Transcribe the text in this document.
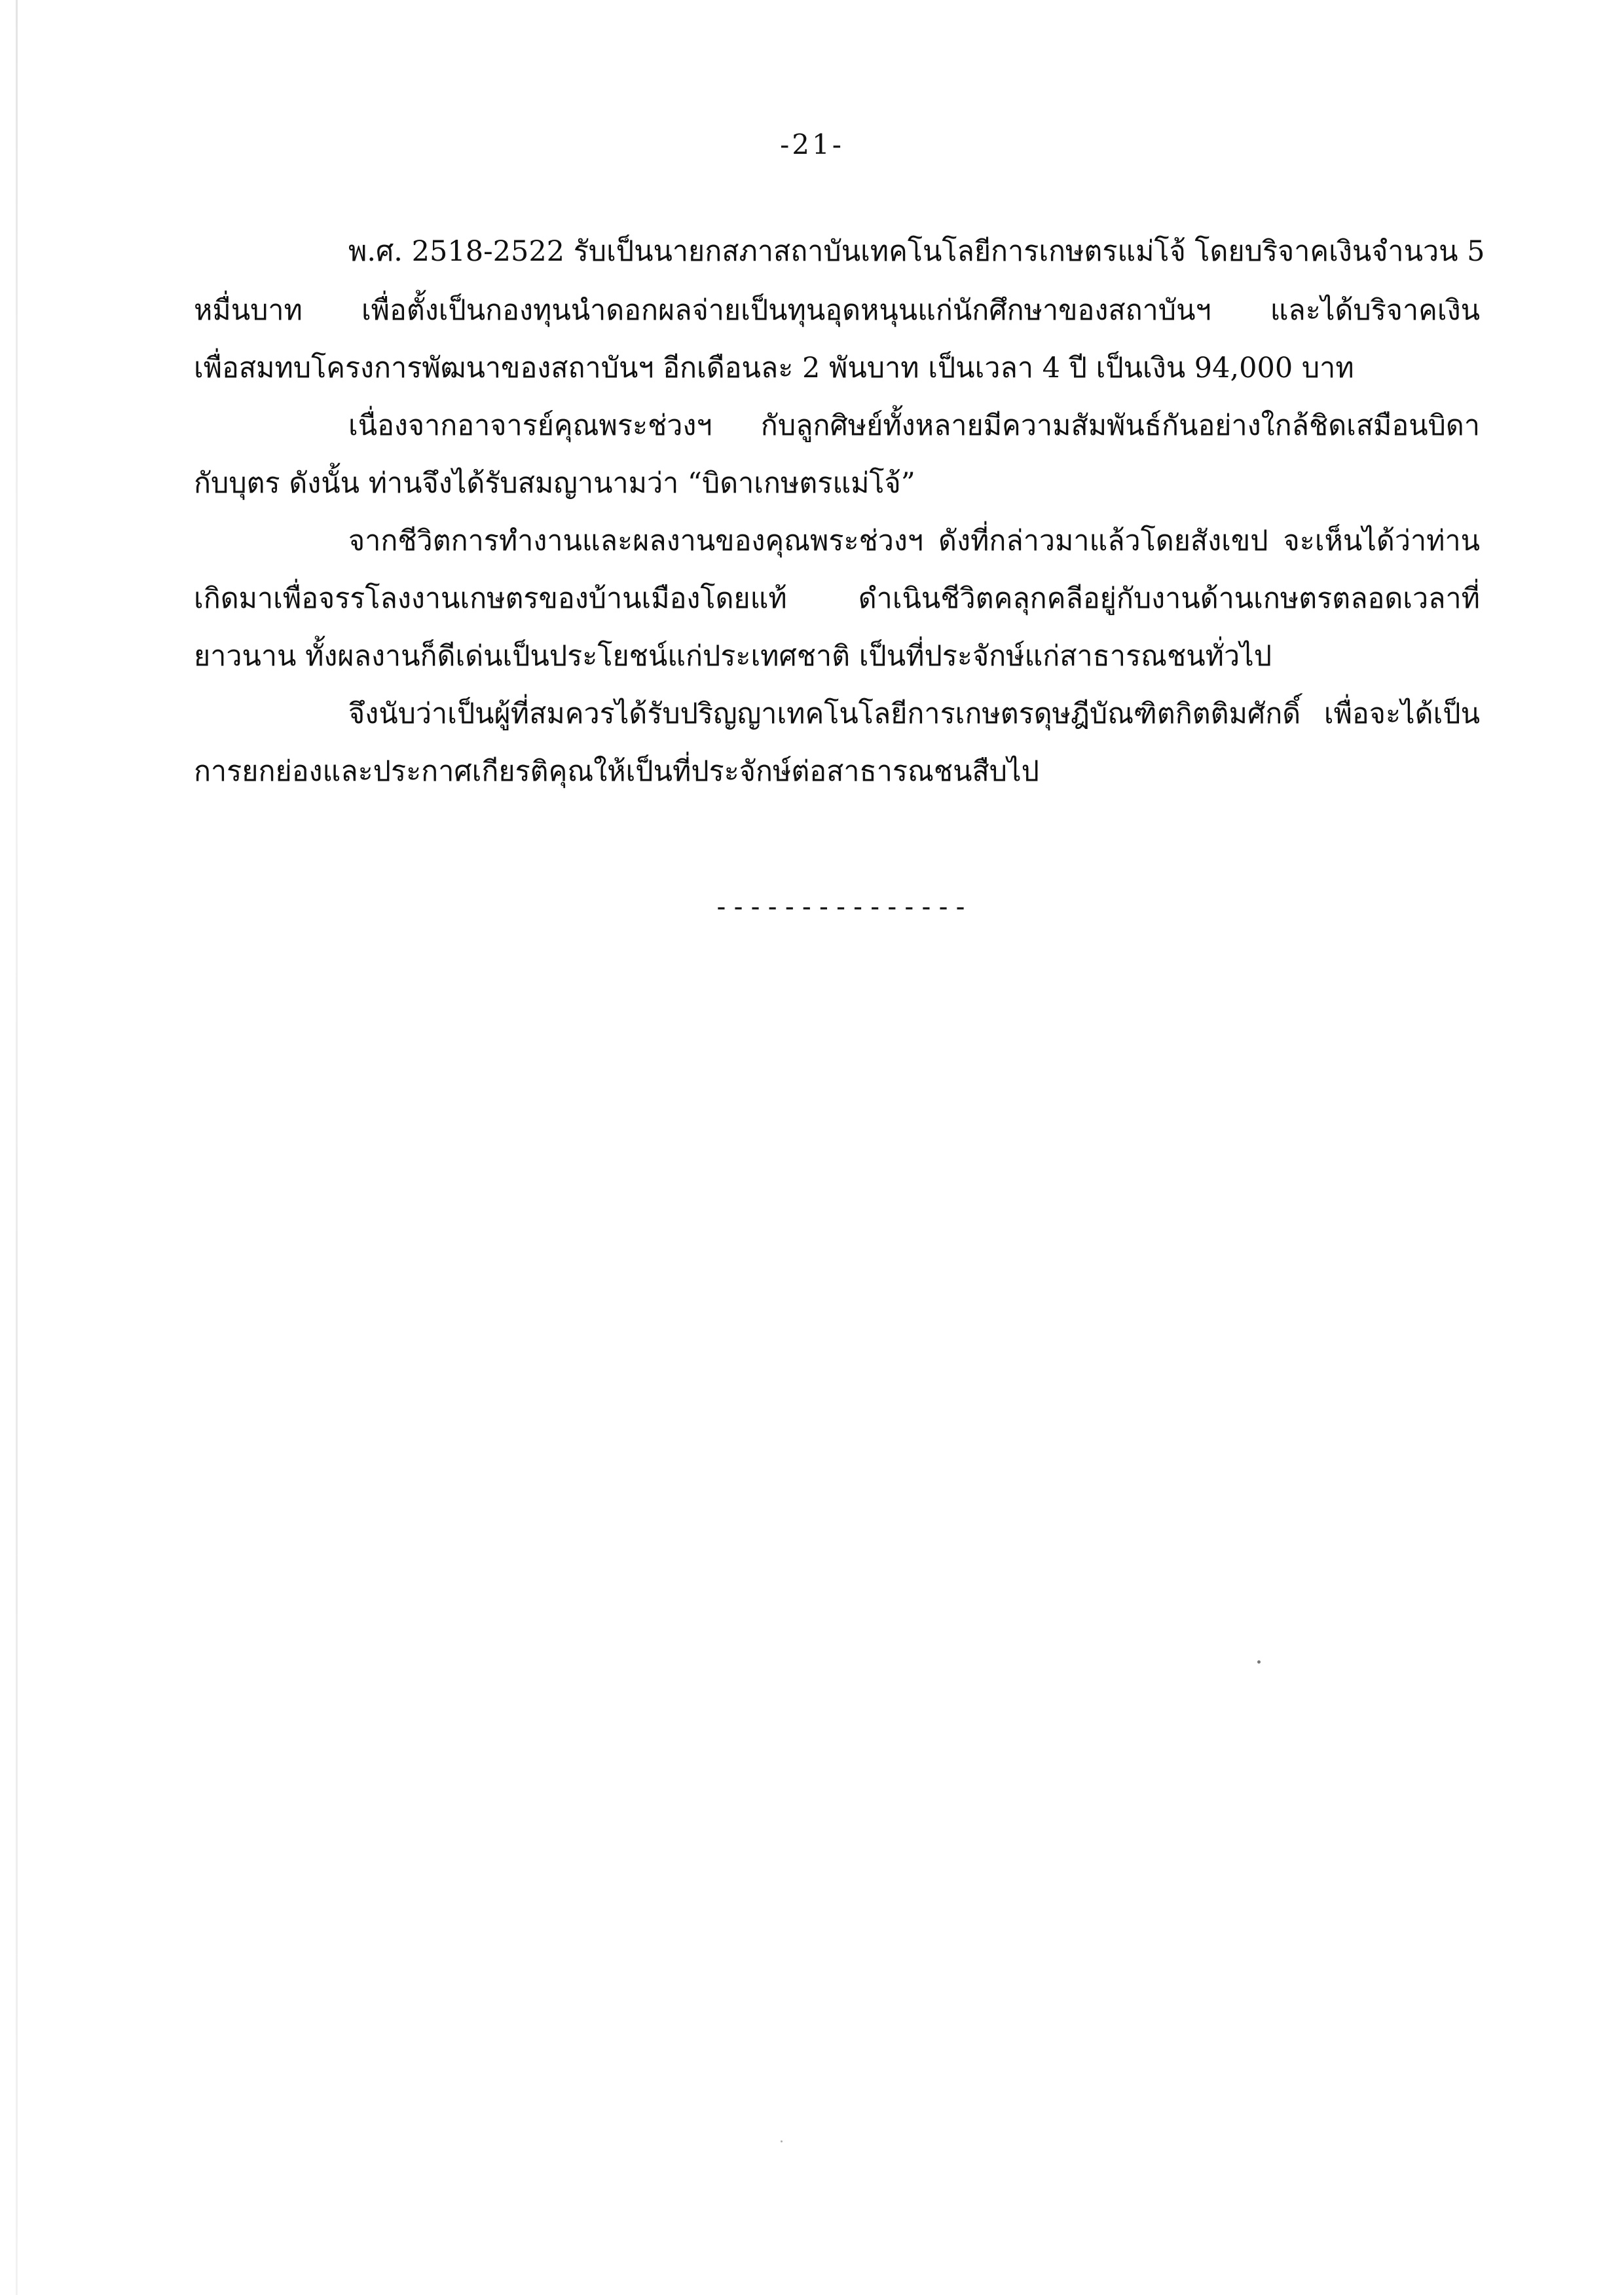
-21-
พ.ศ. 2518-2522 รับเป็นนายกสภาสถาบันเทคโนโลยีการเกษตรแม่โจ้ โดยบริจาคเงินจำนวน 5
หมื่นบาท เพื่อตั้งเป็นกองทุนนำดอกผลจ่ายเป็นทุนอุดหนุนแก่นักศึกษาของสถาบันฯ และได้บริจาคเงิน
เพื่อสมทบโครงการพัฒนาของสถาบันฯ อีกเดือนละ 2 พันบาท เป็นเวลา 4 ปี เป็นเงิน 94,000 บาท
เนื่องจากอาจารย์คุณพระช่วงฯ กับลูกศิษย์ทั้งหลายมีความสัมพันธ์กันอย่างใกล้ชิดเสมือนบิดา
กับบุตร ดังนั้น ท่านจึงได้รับสมญานามว่า “บิดาเกษตรแม่โจ้”
จากชีวิตการทำงานและผลงานของคุณพระช่วงฯ ดังที่กล่าวมาแล้วโดยสังเขป จะเห็นได้ว่าท่าน
เกิดมาเพื่อจรรโลงงานเกษตรของบ้านเมืองโดยแท้ ดำเนินชีวิตคลุกคลีอยู่กับงานด้านเกษตรตลอดเวลาที่
ยาวนาน ทั้งผลงานก็ดีเด่นเป็นประโยชน์แก่ประเทศชาติ เป็นที่ประจักษ์แก่สาธารณชนทั่วไป
จึงนับว่าเป็นผู้ที่สมควรได้รับปริญญาเทคโนโลยีการเกษตรดุษฎีบัณฑิตกิตติมศักดิ์ เพื่อจะได้เป็น
การยกย่องและประกาศเกียรติคุณให้เป็นที่ประจักษ์ต่อสาธารณชนสืบไป
---------------
